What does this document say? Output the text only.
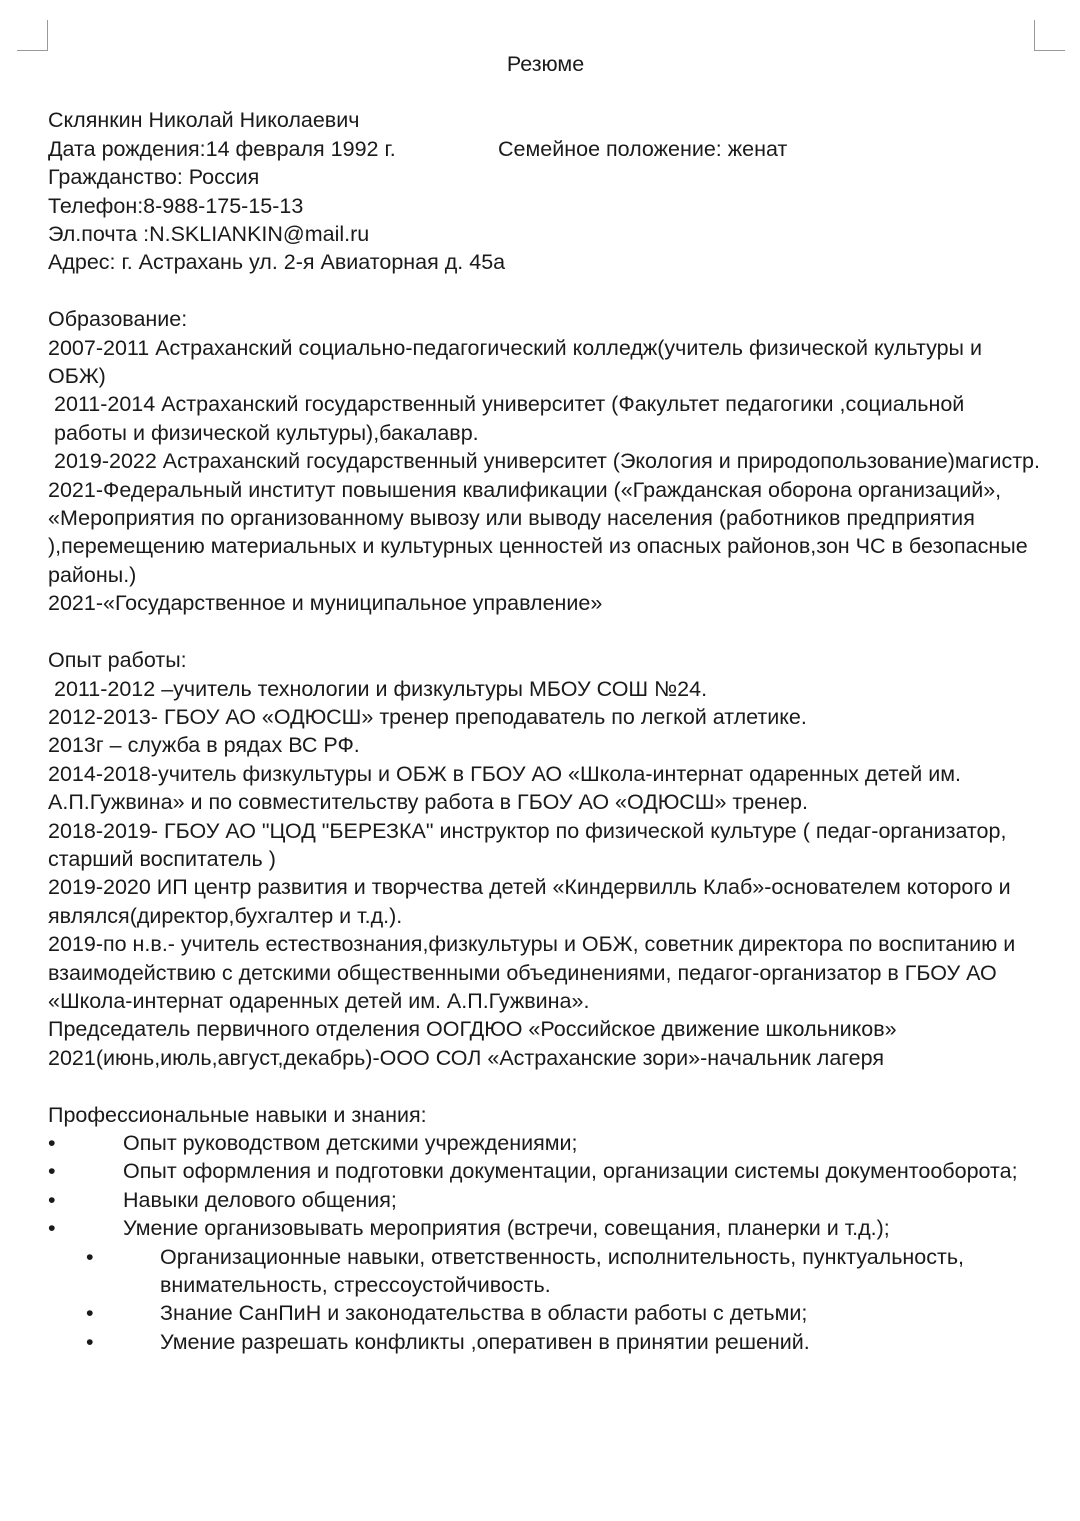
Резюме
Склянкин Николай Николаевич
Дата рождения:14 февраля 1992 г.	Семейное положение: женат
Гражданство: Россия
Телефон:8-988-175-15-13
Эл.почта :N.SKLIANKIN@mail.ru
Адрес: г. Астрахань ул. 2-я Авиаторная д. 45а
Образование:
2007-2011 Астраханский социально-педагогический колледж(учитель физической культуры и ОБЖ)
2011-2014 Астраханский государственный университет (Факультет педагогики ,социальной работы и физической культуры),бакалавр.
2019-2022 Астраханский государственный университет (Экология и природопользование)магистр.
2021-Федеральный институт повышения квалификации («Гражданская оборона организаций», «Мероприятия по организованному вывозу или выводу населения (работников предприятия ),перемещению материальных и культурных ценностей из опасных районов,зон ЧС в безопасные районы.)
2021-«Государственное и муниципальное управление»
Опыт работы:
2011-2012 –учитель технологии и физкультуры МБОУ СОШ №24.
2012-2013- ГБОУ АО «ОДЮСШ» тренер преподаватель по легкой атлетике.
2013г – служба в рядах ВС РФ.
2014-2018-учитель физкультуры и ОБЖ в ГБОУ АО «Школа-интернат одаренных детей им. А.П.Гужвина» и по совместительству работа в ГБОУ АО «ОДЮСШ» тренер.
2018-2019- ГБОУ АО "ЦОД "БЕРЕЗКА" инструктор по физической культуре ( педаг-организатор, старший воспитатель )
2019-2020 ИП центр развития и творчества детей «Киндервилль Клаб»-основателем которого и являлся(директор,бухгалтер и т.д.).
2019-по н.в.- учитель естествознания,физкультуры и ОБЖ, советник директора по воспитанию и взаимодействию с детскими общественными объединениями, педагог-организатор в ГБОУ АО «Школа-интернат одаренных детей им. А.П.Гужвина».
Председатель первичного отделения ООГДЮО «Российское движение школьников»
2021(июнь,июль,август,декабрь)-ООО СОЛ «Астраханские зори»-начальник лагеря
Профессиональные навыки и знания:
•	Опыт руководством детскими учреждениями;
•	Опыт оформления и подготовки документации, организации системы документооборота;
•	Навыки делового общения;
•	Умение организовывать мероприятия (встречи, совещания, планерки и т.д.);
•	Организационные навыки, ответственность, исполнительность, пунктуальность, внимательность, стрессоустойчивость.
•	Знание СанПиН и законодательства в области работы с детьми;
•	Умение разрешать конфликты ,оперативен в принятии решений.
